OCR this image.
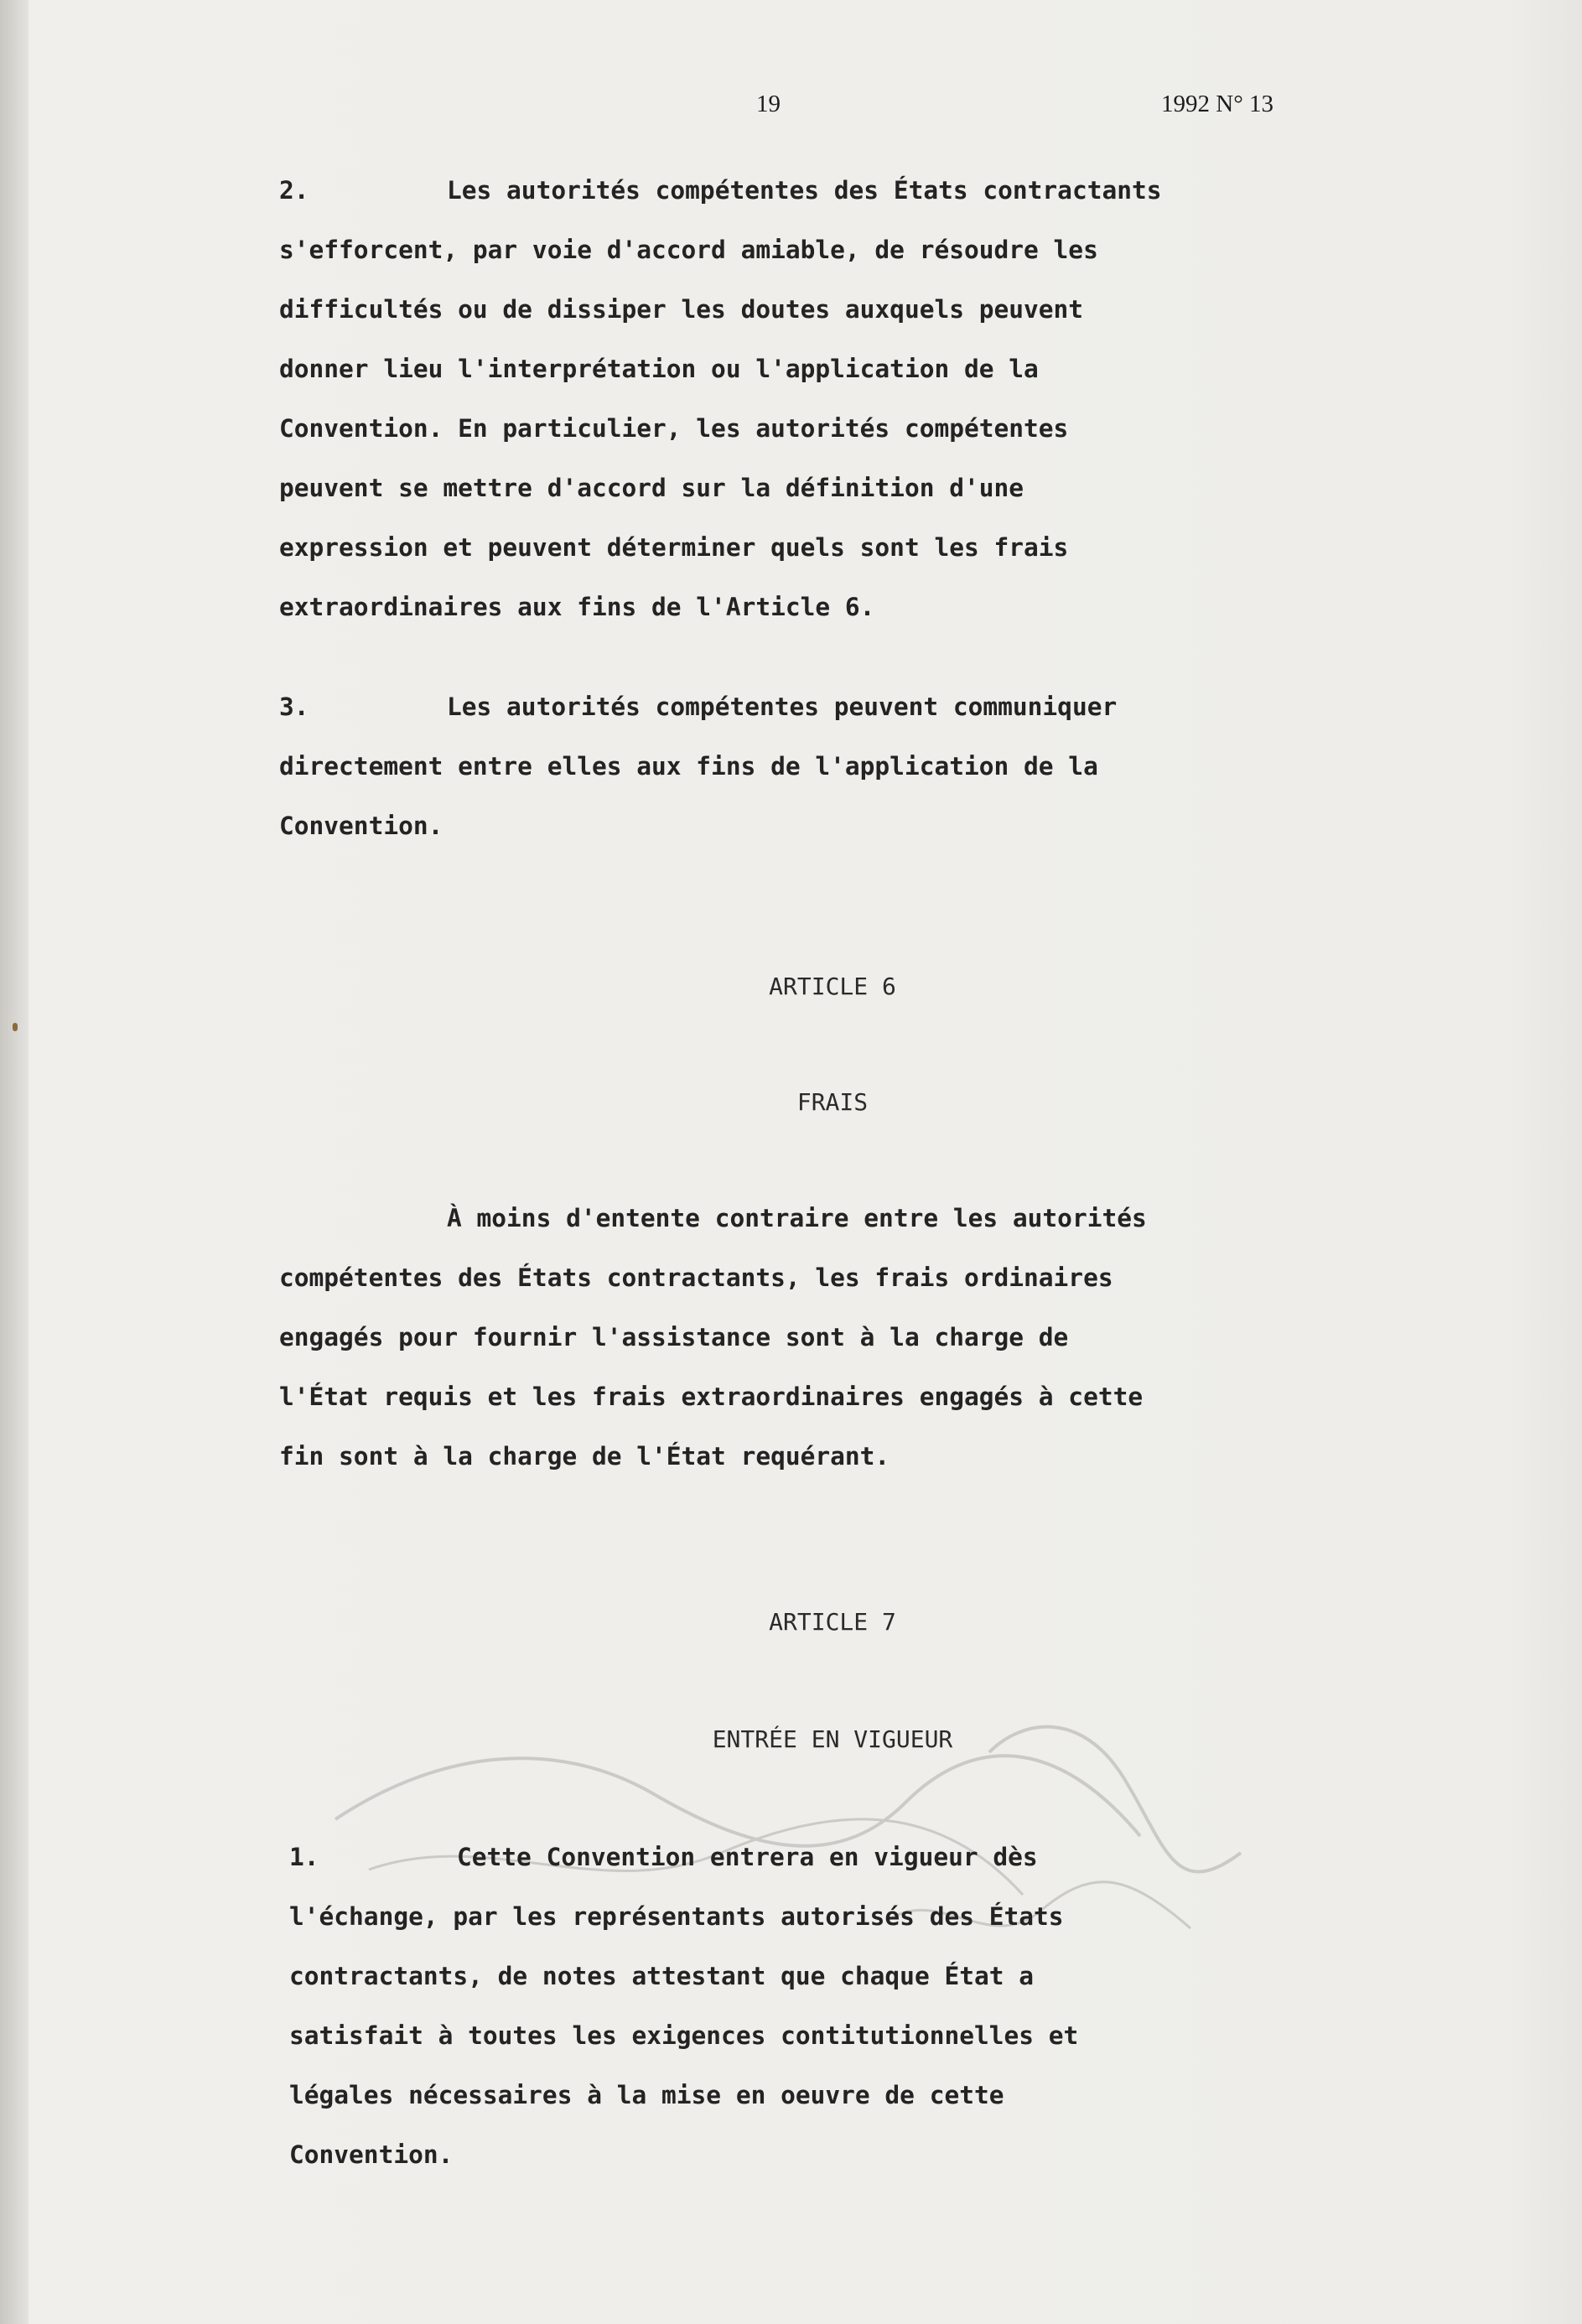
19	1992 N° 13
2.	Les autorités compétentes des États contractants
s'efforcent, par voie d'accord amiable, de résoudre les
difficultés ou de dissiper les doutes auxquels peuvent
donner lieu l'interprétation ou l'application de la
Convention. En particulier, les autorités compétentes
peuvent se mettre d'accord sur la définition d'une
expression et peuvent déterminer quels sont les frais
extraordinaires aux fins de l'Article 6.
3.	Les autorités compétentes peuvent communiquer
directement entre elles aux fins de l'application de la
Convention.
ARTICLE 6
FRAIS
À moins d'entente contraire entre les autorités
compétentes des États contractants, les frais ordinaires
engagés pour fournir l'assistance sont à la charge de
l'État requis et les frais extraordinaires engagés à cette
fin sont à la charge de l'État requérant.
ARTICLE 7
ENTRÉE EN VIGUEUR
1.	Cette Convention entrera en vigueur dès
l'échange, par les représentants autorisés des États
contractants, de notes attestant que chaque État a
satisfait à toutes les exigences contitutionnelles et
légales nécessaires à la mise en oeuvre de cette
Convention.
